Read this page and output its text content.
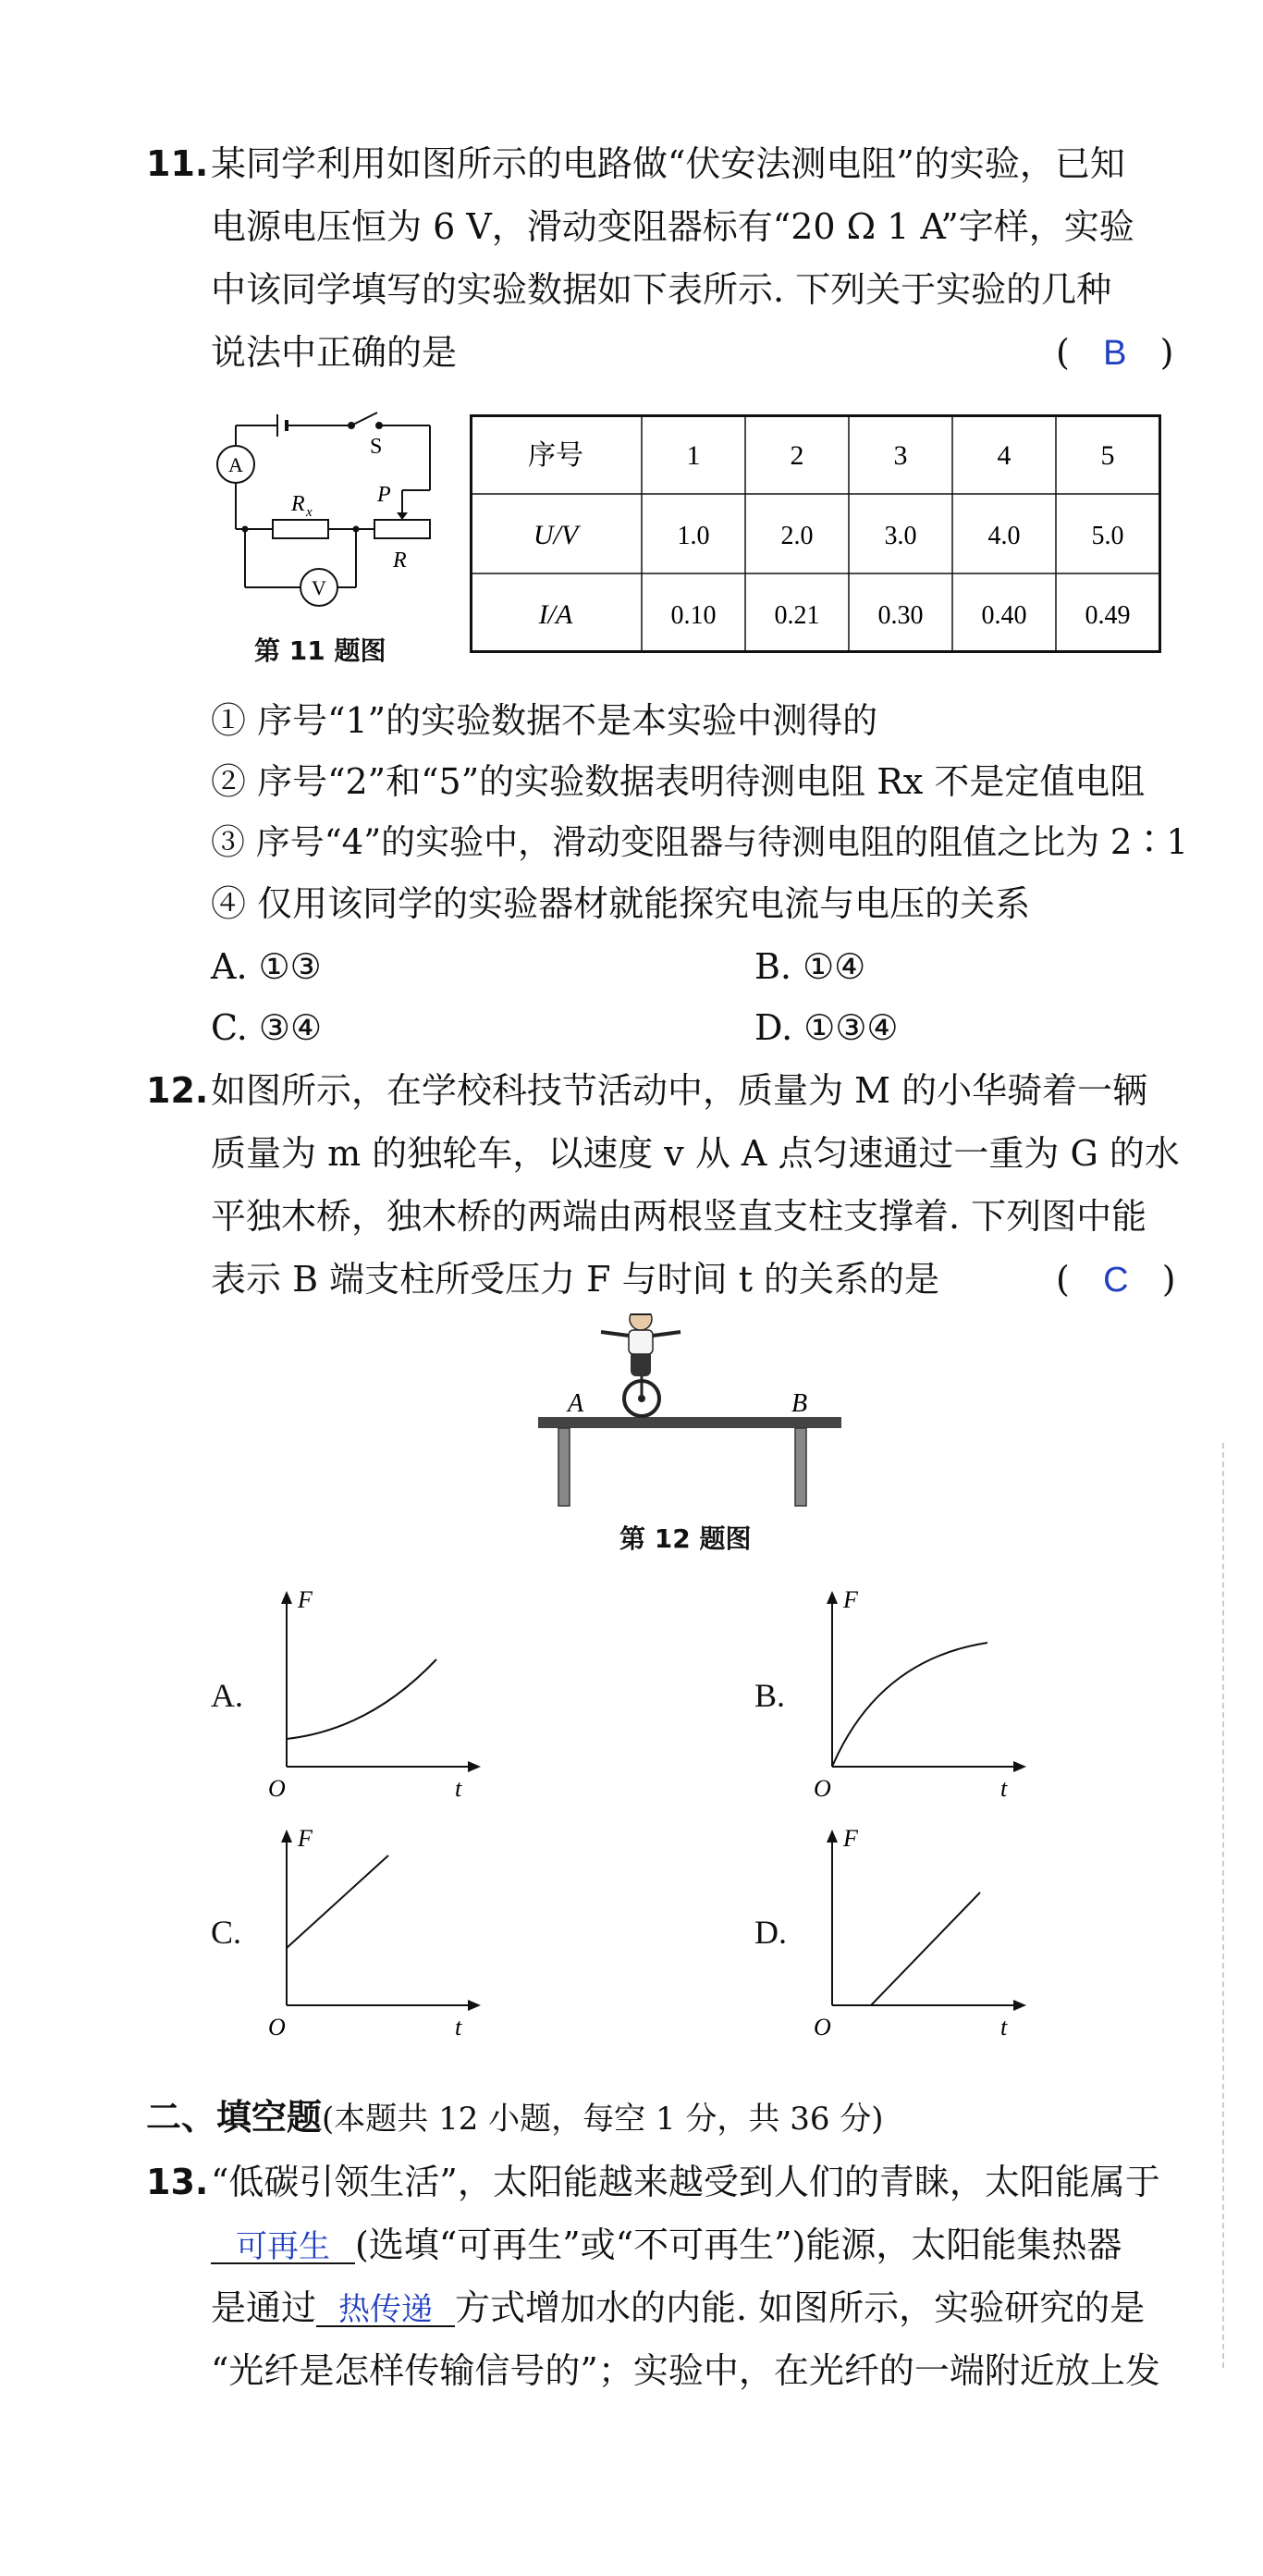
11. 某同学利用如图所示的电路做“伏安法测电阻”的实验，已知
电源电压恒为 6 V，滑动变阻器标有“20 Ω 1 A”字样，实验
中该同学填写的实验数据如下表所示. 下列关于实验的几种
说法中正确的是	(   B   )
A
V
S
R x
P
R
第 11 题图
序号	1	2	3	4	5
U/V	1.0	2.0	3.0	4.0	5.0
I/A	0.10 0.21 0.30 0.40 0.49
① 序号“1”的实验数据不是本实验中测得的
② 序号“2”和“5”的实验数据表明待测电阻 Rx 不是定值电阻
③ 序号“4”的实验中，滑动变阻器与待测电阻的阻值之比为 2∶1
④ 仅用该同学的实验器材就能探究电流与电压的关系
A. ①③	B. ①④
C. ③④	D. ①③④
12. 如图所示，在学校科技节活动中，质量为 M 的小华骑着一辆
质量为 m 的独轮车，以速度 v 从 A 点匀速通过一重为 G 的水
平独木桥，独木桥的两端由两根竖直支柱支撑着. 下列图中能
表示 B 端支柱所受压力 F 与时间 t 的关系的是	(   C   )
A	B
第 12 题图
A.
F
t
O
B.
F
t
O
C.
F
t
O
D.
F
t
O
二、填空题(本题共 12 小题，每空 1 分，共 36 分)
13. “低碳引领生活”，太阳能越来越受到人们的青睐，太阳能属于
可再生 (选填“可再生”或“不可再生”)能源，太阳能集热器
是通过 热传递 方式增加水的内能. 如图所示，实验研究的是
“光纤是怎样传输信号的”；实验中，在光纤的一端附近放上发
